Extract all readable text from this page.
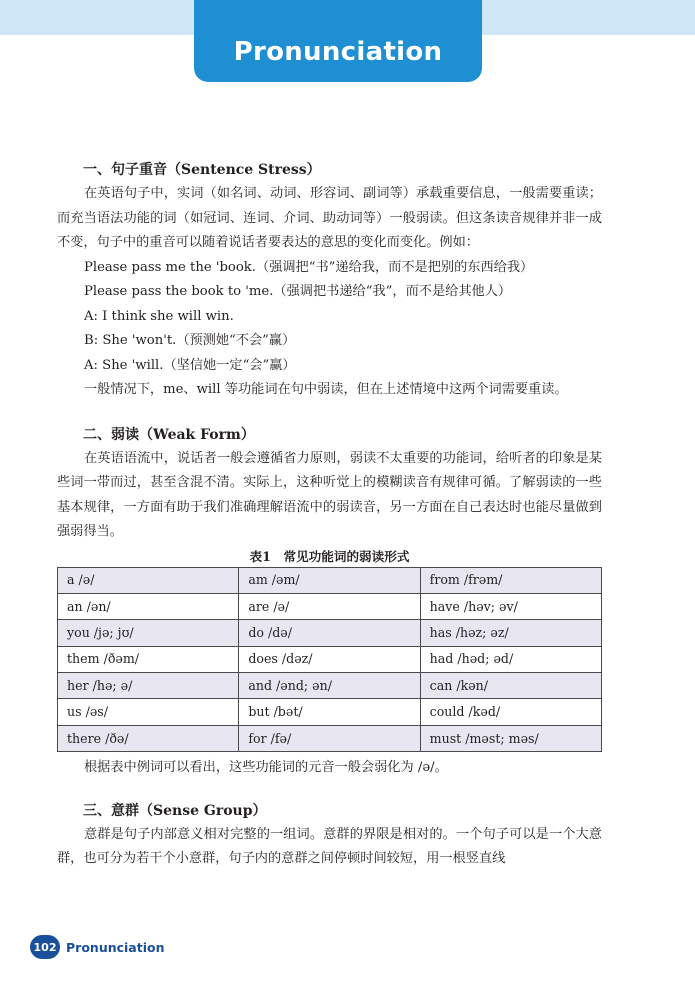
Pronunciation
一、句子重音（Sentence Stress）

在英语句子中，实词（如名词、动词、形容词、副词等）承载重要信息，一般需要重读；而充当语法功能的词（如冠词、连词、介词、助动词等）一般弱读。但这条读音规律并非一成不变，句子中的重音可以随着说话者要表达的意思的变化而变化。例如：

Please pass me the 'book.（强调把“书”递给我，而不是把别的东西给我）

Please pass the book to 'me.（强调把书递给“我”，而不是给其他人）

A: I think she will win.

B: She 'won't.（预测她“不会”赢）

A: She 'will.（坚信她一定“会”赢）

一般情况下，me、will 等功能词在句中弱读，但在上述情境中这两个词需要重读。

二、弱读（Weak Form）

在英语语流中，说话者一般会遵循省力原则，弱读不太重要的功能词，给听者的印象是某些词一带而过，甚至含混不清。实际上，这种听觉上的模糊读音有规律可循。了解弱读的一些基本规律，一方面有助于我们准确理解语流中的弱读音，另一方面在自己表达时也能尽量做到强弱得当。

表1　常见功能词的弱读形式
a /ə/	am /əm/	from /frəm/
an /ən/	are /ə/	have /həv; əv/
you /jə; jʊ/	do /də/	has /həz; əz/
them /ðəm/	does /dəz/	had /həd; əd/
her /hə; ə/	and /ənd; ən/	can /kən/
us /əs/	but /bət/	could /kəd/
there /ðə/	for /fə/	must /məst; məs/

根据表中例词可以看出，这些功能词的元音一般会弱化为 /ə/。

三、意群（Sense Group）

意群是句子内部意义相对完整的一组词。意群的界限是相对的。一个句子可以是一个大意群，也可分为若干个小意群，句子内的意群之间停顿时间较短，用一根竖直线

102 Pronunciation
